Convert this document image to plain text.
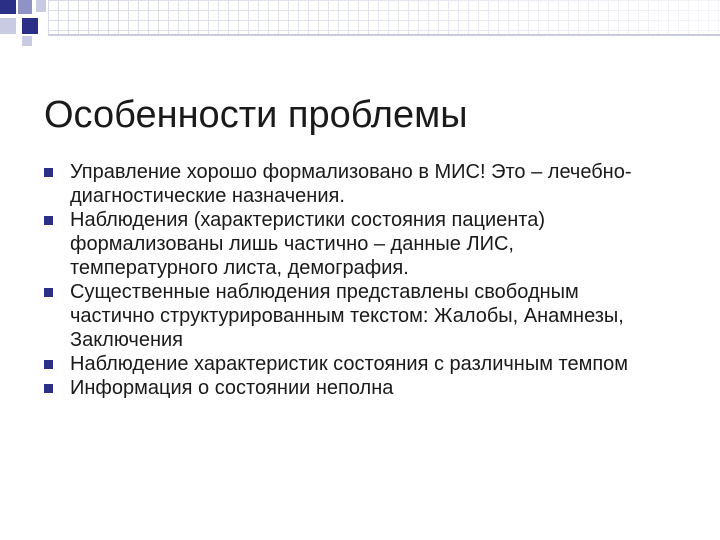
Особенности проблемы
Управление хорошо формализовано в МИС! Это – лечебно-диагностические назначения.
Наблюдения (характеристики состояния пациента) формализованы лишь частично – данные ЛИС, температурного листа, демография.
Существенные наблюдения представлены свободным частично структурированным текстом: Жалобы, Анамнезы, Заключения
Наблюдение характеристик состояния с различным темпом
Информация о состоянии неполна
